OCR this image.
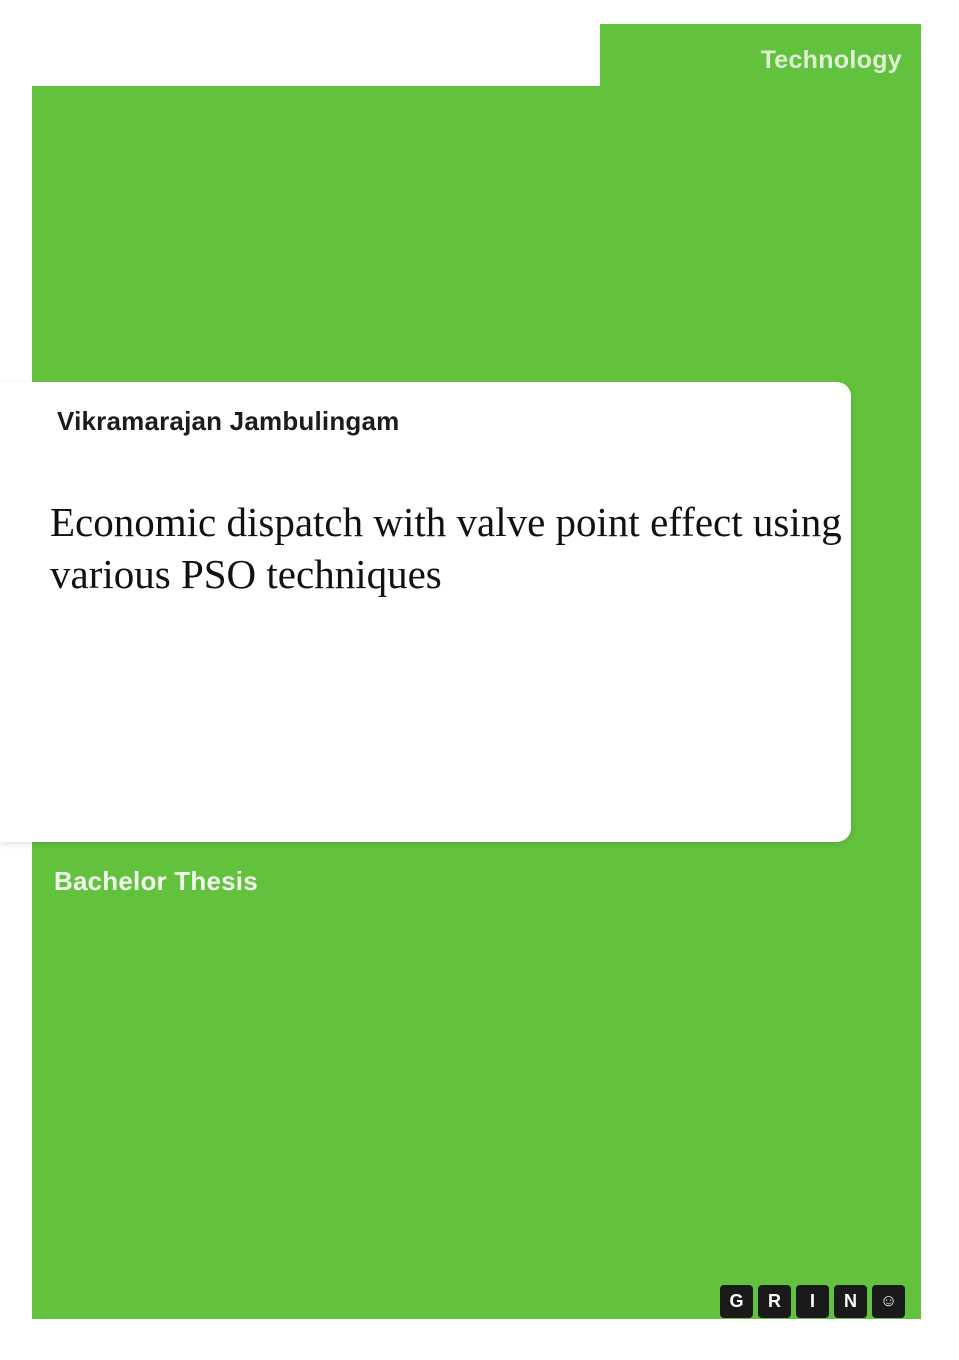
Technology
Vikramarajan Jambulingam
Economic dispatch with valve point effect using various PSO techniques
Bachelor Thesis
G	R	I	N	☺
